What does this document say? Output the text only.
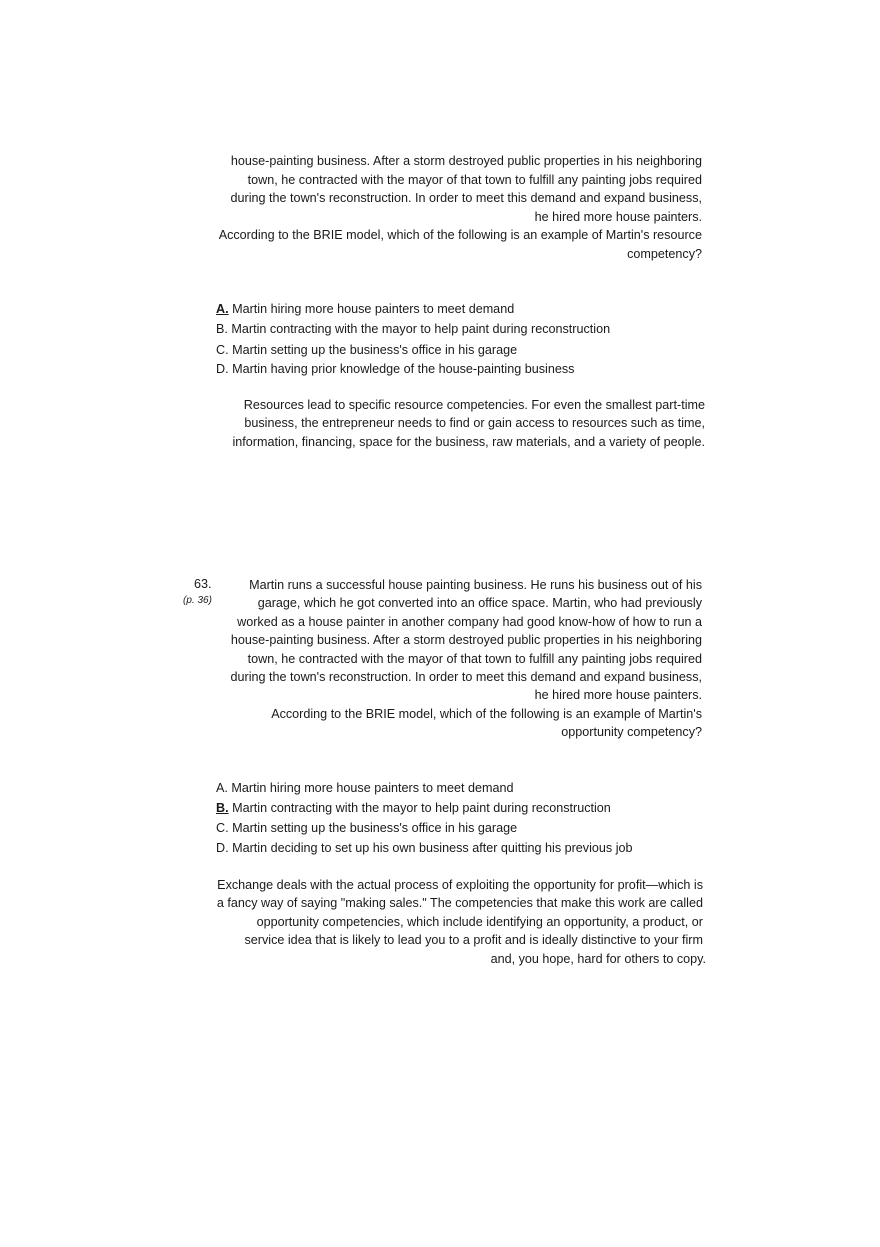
house-painting business. After a storm destroyed public properties in his neighboring
town, he contracted with the mayor of that town to fulfill any painting jobs required
during the town's reconstruction. In order to meet this demand and expand business,
he hired more house painters.
According to the BRIE model, which of the following is an example of Martin's resource
competency?
A. Martin hiring more house painters to meet demand
B. Martin contracting with the mayor to help paint during reconstruction
C. Martin setting up the business's office in his garage
D. Martin having prior knowledge of the house-painting business
Resources lead to specific resource competencies. For even the smallest part-time
business, the entrepreneur needs to find or gain access to resources such as time,
information, financing, space for the business, raw materials, and a variety of people.
63.
(p. 36)
Martin runs a successful house painting business. He runs his business out of his
garage, which he got converted into an office space. Martin, who had previously
worked as a house painter in another company had good know-how of how to run a
house-painting business. After a storm destroyed public properties in his neighboring
town, he contracted with the mayor of that town to fulfill any painting jobs required
during the town's reconstruction. In order to meet this demand and expand business,
he hired more house painters.
According to the BRIE model, which of the following is an example of Martin's
opportunity competency?
A. Martin hiring more house painters to meet demand
B. Martin contracting with the mayor to help paint during reconstruction
C. Martin setting up the business's office in his garage
D. Martin deciding to set up his own business after quitting his previous job
Exchange deals with the actual process of exploiting the opportunity for profit—which is
a fancy way of saying "making sales." The competencies that make this work are called
opportunity competencies, which include identifying an opportunity, a product, or
service idea that is likely to lead you to a profit and is ideally distinctive to your firm
and, you hope, hard for others to copy.
